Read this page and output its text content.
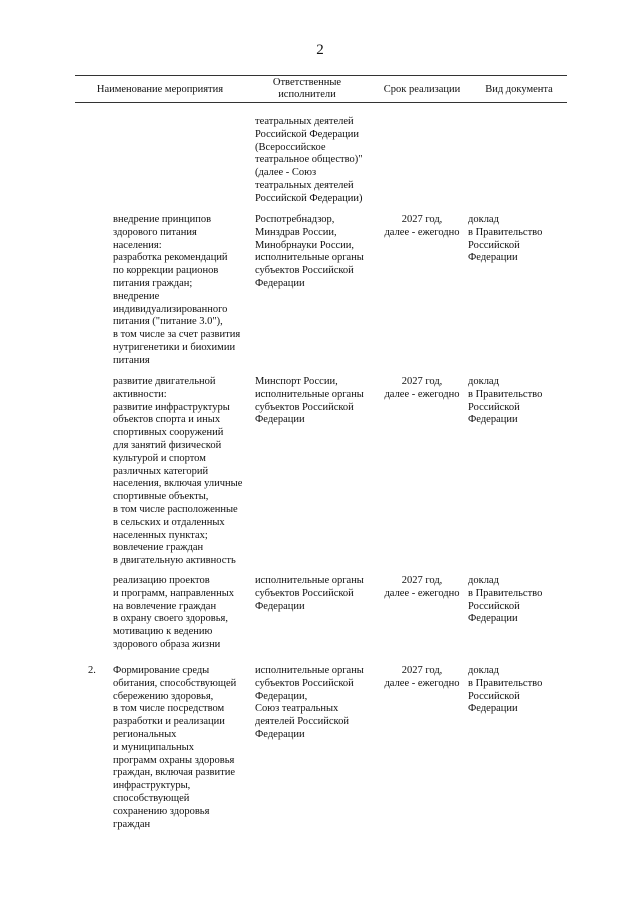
2
Наименование мероприятия
Ответственные
исполнители	Срок реализации	Вид документа
театральных деятелей
Российской Федерации
(Всероссийское
театральное общество)"
(далее - Союз
театральных деятелей
Российской Федерации)
внедрение принципов
здорового питания
населения:
разработка рекомендаций
по коррекции рационов
питания граждан;
внедрение
индивидуализированного
питания ("питание 3.0"),
в том числе за счет развития
нутригенетики и биохимии
питания
Роспотребнадзор,
Минздрав России,
Минобрнауки России,
исполнительные органы
субъектов Российской
Федерации
2027 год,
далее - ежегодно
доклад
в Правительство
Российской
Федерации
развитие двигательной
активности:
развитие инфраструктуры
объектов спорта и иных
спортивных сооружений
для занятий физической
культурой и спортом
различных категорий
населения, включая уличные
спортивные объекты,
в том числе расположенные
в сельских и отдаленных
населенных пунктах;
вовлечение граждан
в двигательную активность
Минспорт России,
исполнительные органы
субъектов Российской
Федерации
2027 год,
далее - ежегодно
доклад
в Правительство
Российской
Федерации
реализацию проектов
и программ, направленных
на вовлечение граждан
в охрану своего здоровья,
мотивацию к ведению
здорового образа жизни
исполнительные органы
субъектов Российской
Федерации
2027 год,
далее - ежегодно
доклад
в Правительство
Российской
Федерации
2. Формирование среды
обитания, способствующей
сбережению здоровья,
в том числе посредством
разработки и реализации
региональных
и муниципальных
программ охраны здоровья
граждан, включая развитие
инфраструктуры,
способствующей
сохранению здоровья
граждан
исполнительные органы
субъектов Российской
Федерации,
Союз театральных
деятелей Российской
Федерации
2027 год,
далее - ежегодно
доклад
в Правительство
Российской
Федерации
